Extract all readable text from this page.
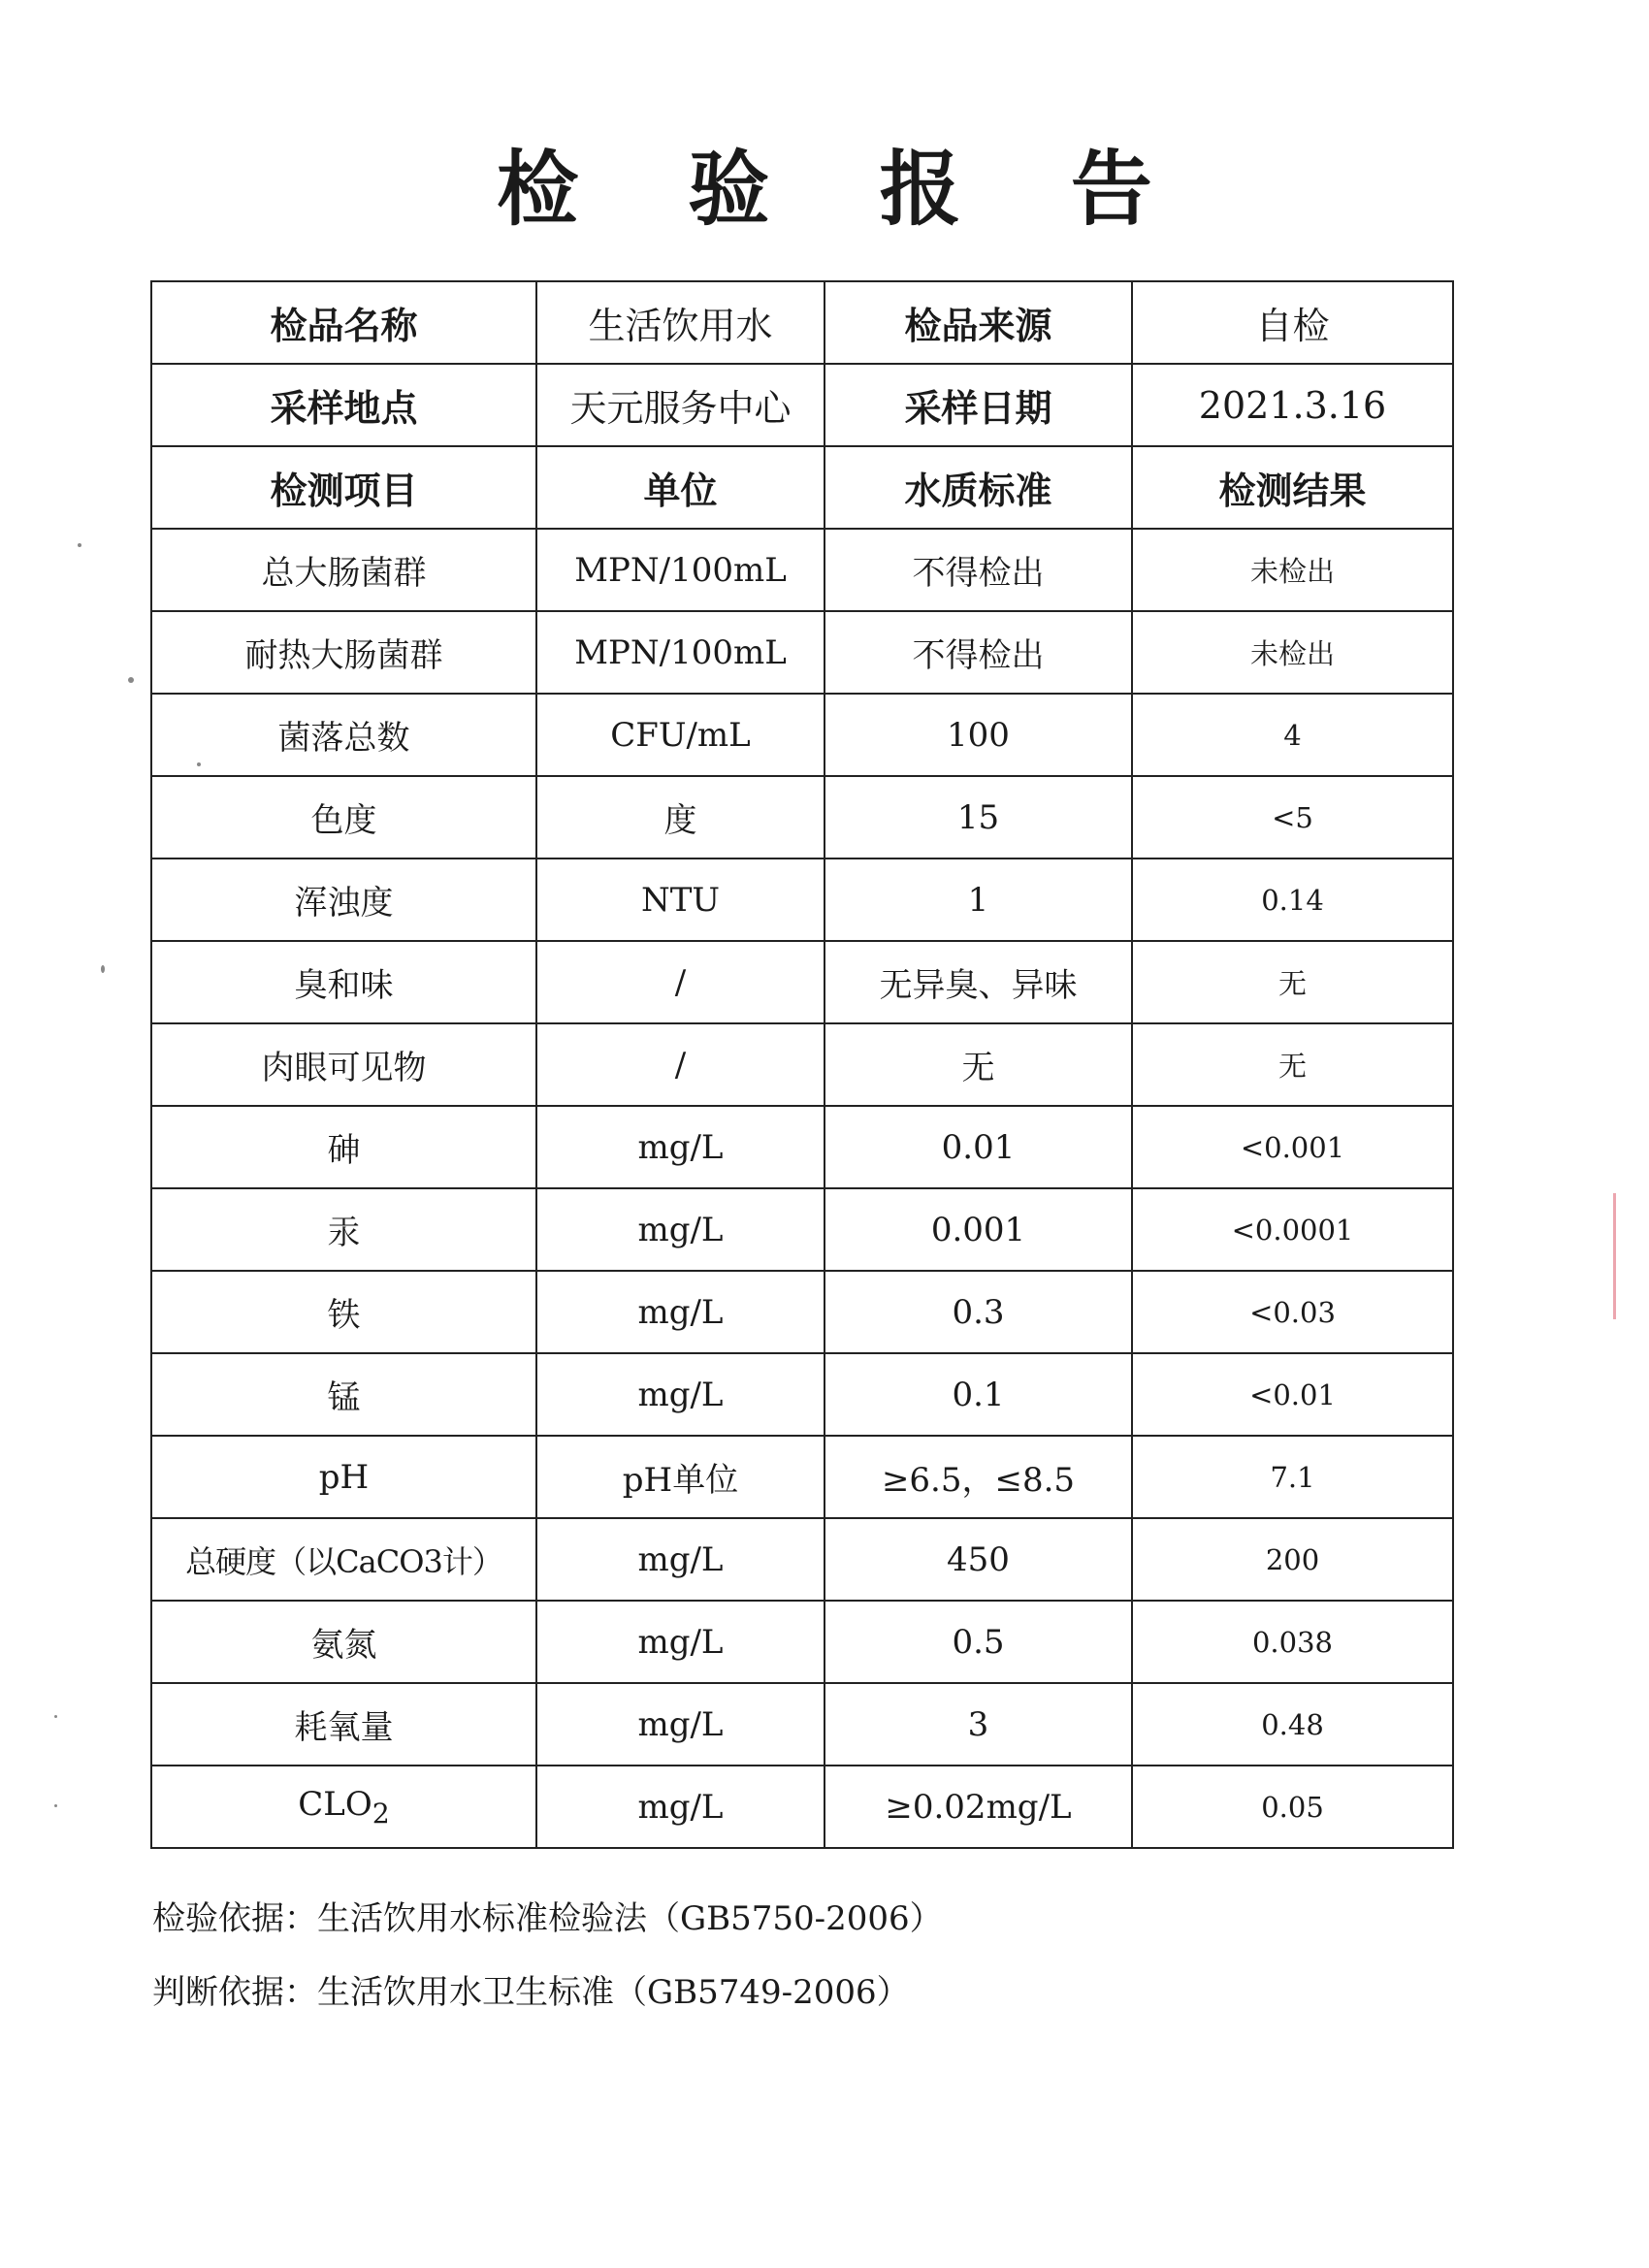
检 验 报 告
检品名称	生活饮用水	检品来源	自检
采样地点	天元服务中心	采样日期	2021.3.16
检测项目	单位	水质标准	检测结果
总大肠菌群	MPN/100mL	不得检出	未检出
耐热大肠菌群	MPN/100mL	不得检出	未检出
菌落总数	CFU/mL	100	4
色度	度	15	<5
浑浊度	NTU	1	0.14
臭和味	/	无异臭、异味	无
肉眼可见物	/	无	无
砷	mg/L	0.01	<0.001
汞	mg/L	0.001	<0.0001
铁	mg/L	0.3	<0.03
锰	mg/L	0.1	<0.01
pH	pH单位	≥6.5，≤8.5	7.1
总硬度（以CaCO3计）	mg/L	450	200
氨氮	mg/L	0.5	0.038
耗氧量	mg/L	3	0.48
$CLO_2$	mg/L	≥0.02mg/L	0.05
检验依据：生活饮用水标准检验法（GB5750-2006）
判断依据：生活饮用水卫生标准（GB5749-2006）
